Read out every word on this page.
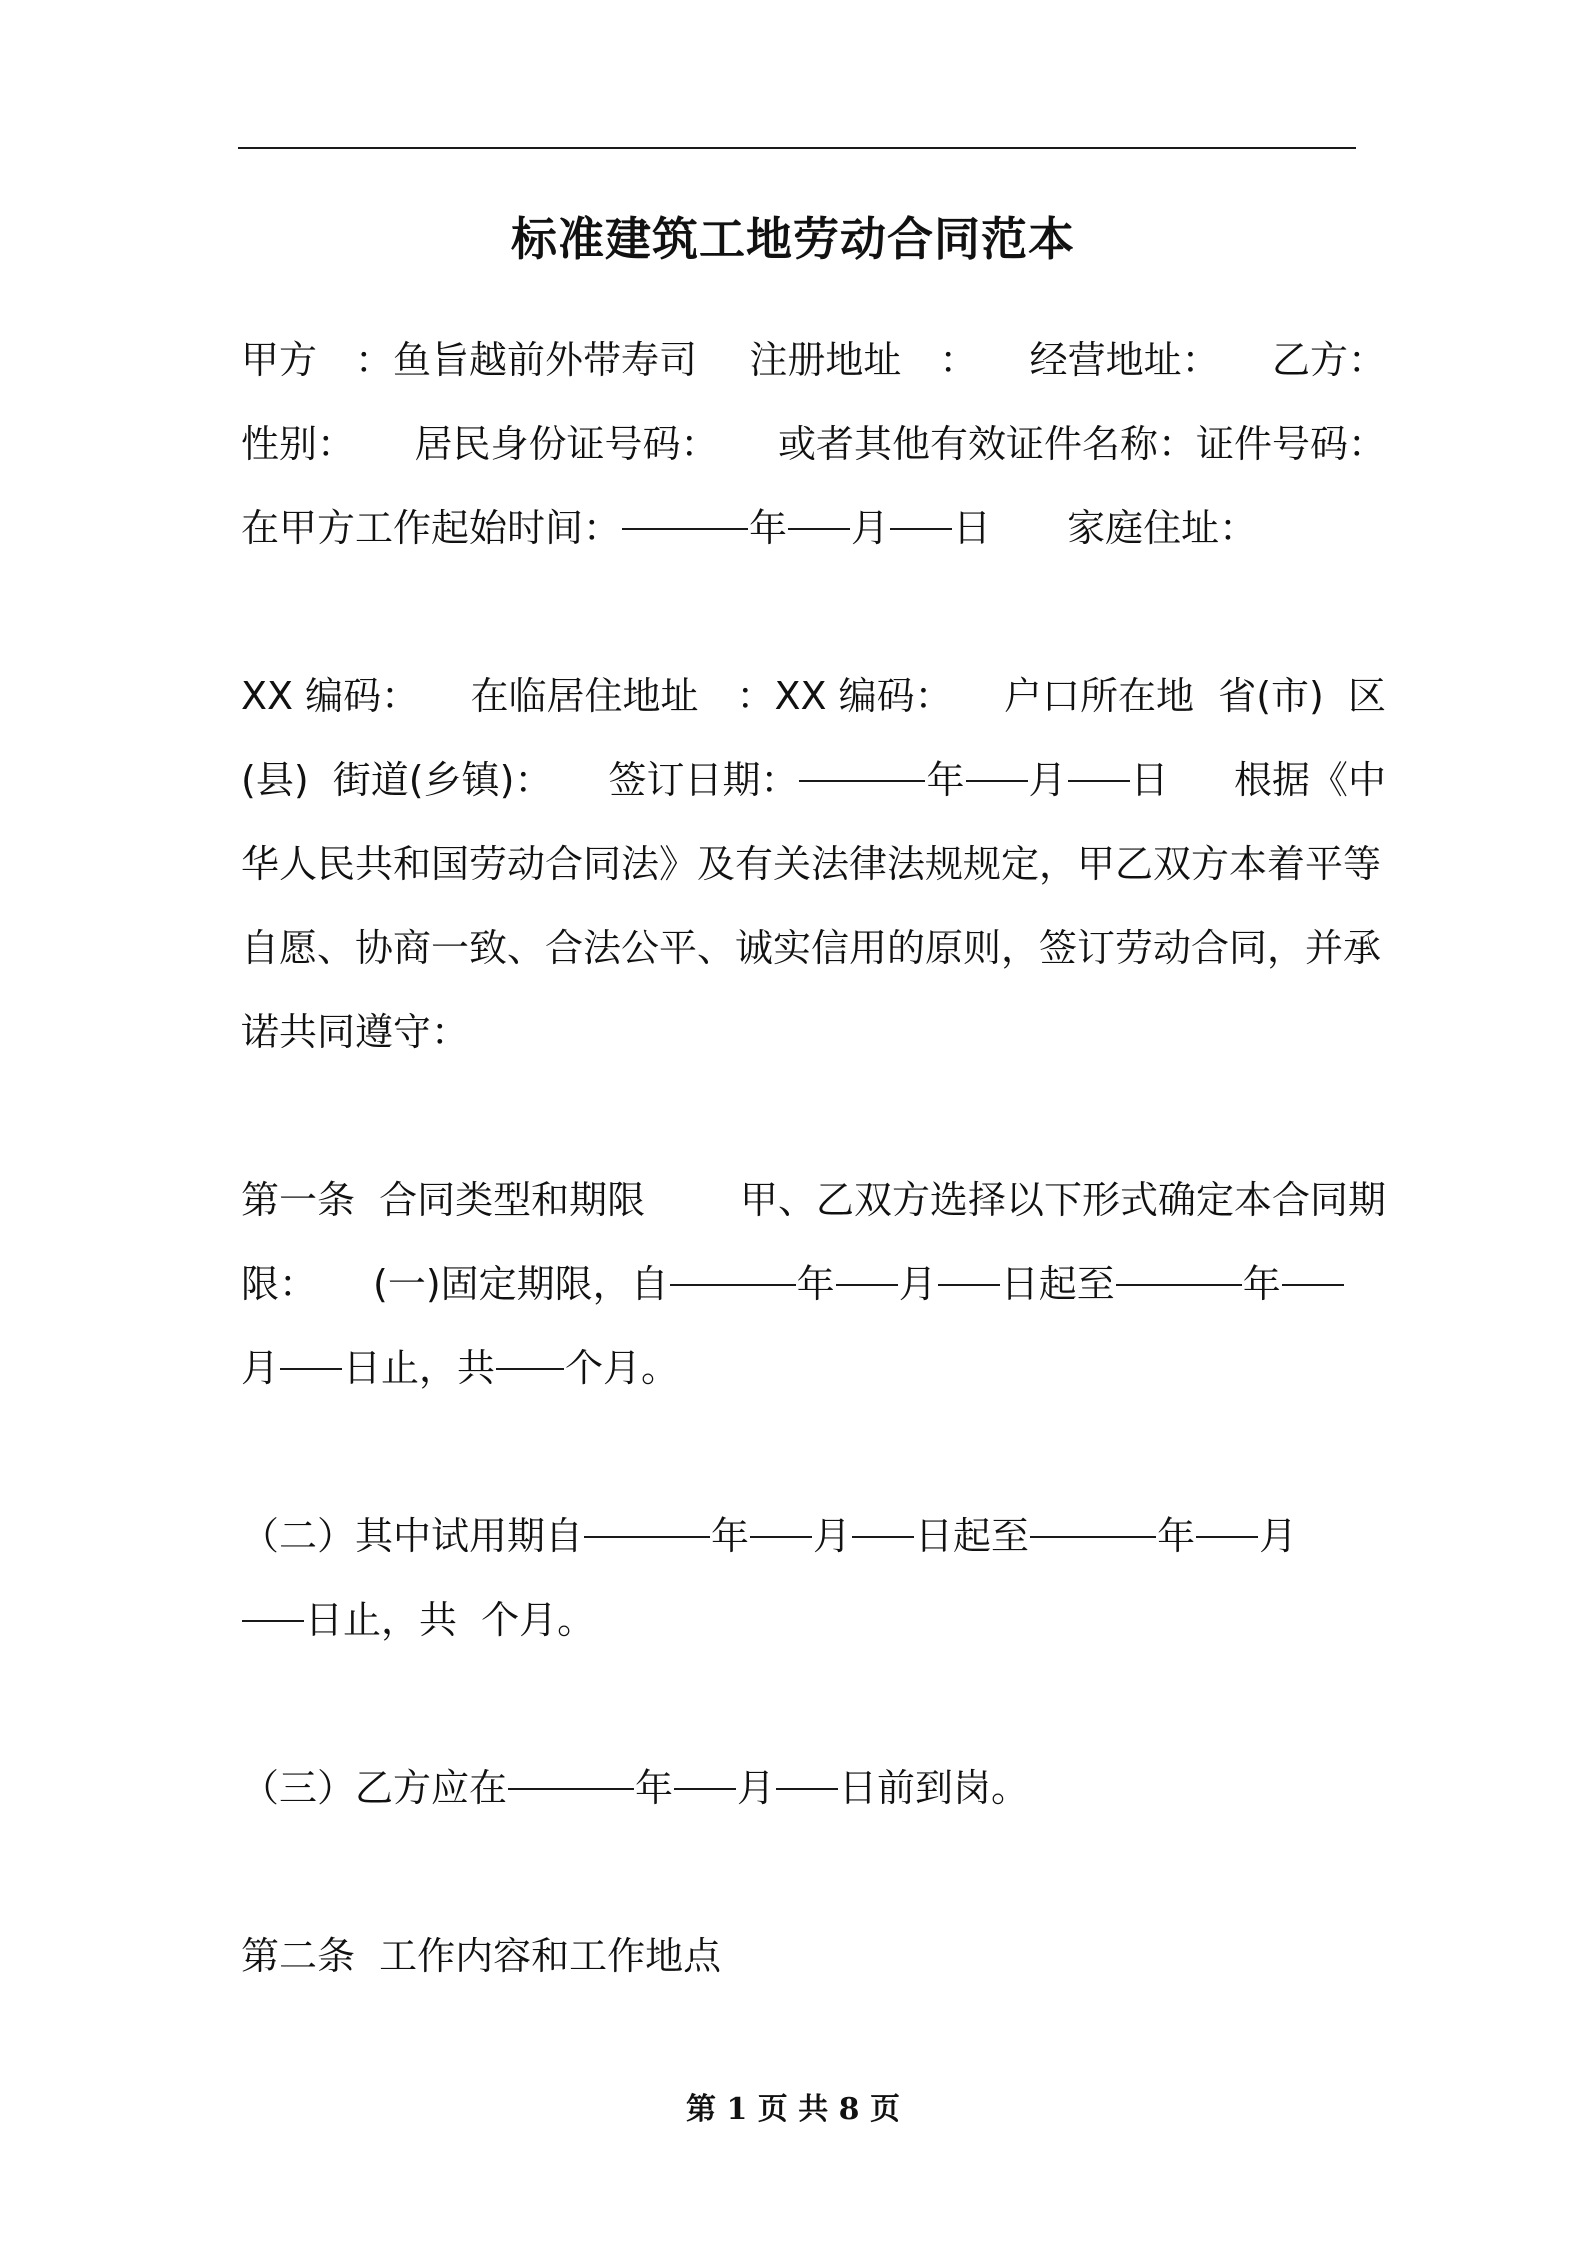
标准建筑工地劳动合同范本
甲方　：鱼旨越前外带寿司 注册地址　： 经营地址： 乙方：
性别： 居民身份证号码： 或者其他有效证件名称：证件号码：
在甲方工作起始时间：	年 月 日 家庭住址：
XX 编码： 在临居住地址　：XX 编码： 户口所在地  省(市)  区
(县)  街道(乡镇)： 签订日期：	年 月 日 根据《中
华人民共和国劳动合同法》及有关法律法规规定，甲乙双方本着平等
自愿、协商一致、合法公平、诚实信用的原则，签订劳动合同，并承
诺共同遵守：
第一条  合同类型和期限 甲、乙双方选择以下形式确定本合同期
限： (一)固定期限，自	年 月 日起至	年
月 日止，共 个月。
（二）其中试用期自	年 月 日起至	年 月
日止，共  个月。
（三）乙方应在	年 月 日前到岗。
第二条  工作内容和工作地点
第 1 页 共 8 页
